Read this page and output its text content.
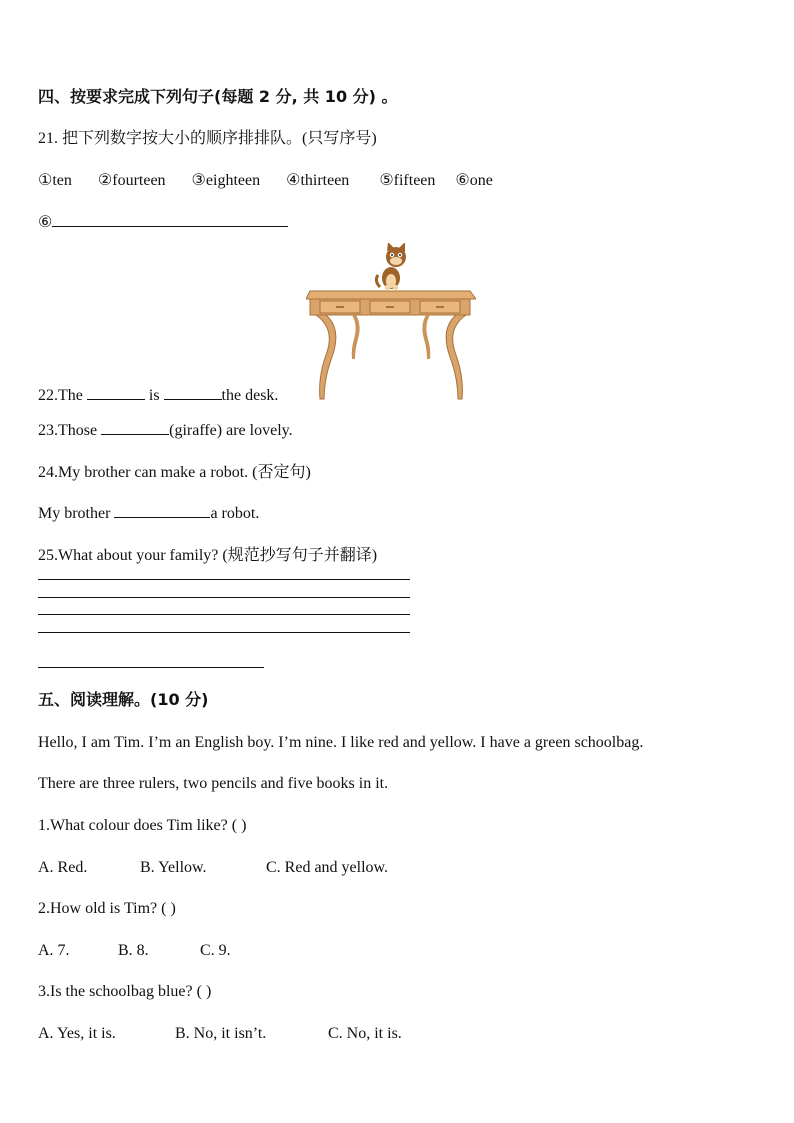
四、按要求完成下列句子(每题 2 分, 共 10 分) 。
21. 把下列数字按大小的顺序排排队。(只写序号)
①ten ②fourteen ③eighteen ④thirteen ⑤fifteen ⑥one
⑥
22.The	is	the desk.
23.Those	(giraffe) are lovely.
24.My brother can make a robot. (否定句)
My brother	a robot.
25.What about your family? (规范抄写句子并翻译)
五、阅读理解。(10 分)
Hello, I am Tim. I’m an English boy. I’m nine. I like red and yellow. I have a green schoolbag.
There are three rulers, two pencils and five books in it.
1.What colour does Tim like? ( )
A. Red.	B. Yellow.	C. Red and yellow.
2.How old is Tim? ( )
A. 7.	B. 8.	C. 9.
3.Is the schoolbag blue? ( )
A. Yes, it is.	B. No, it isn’t.	C. No, it is.
